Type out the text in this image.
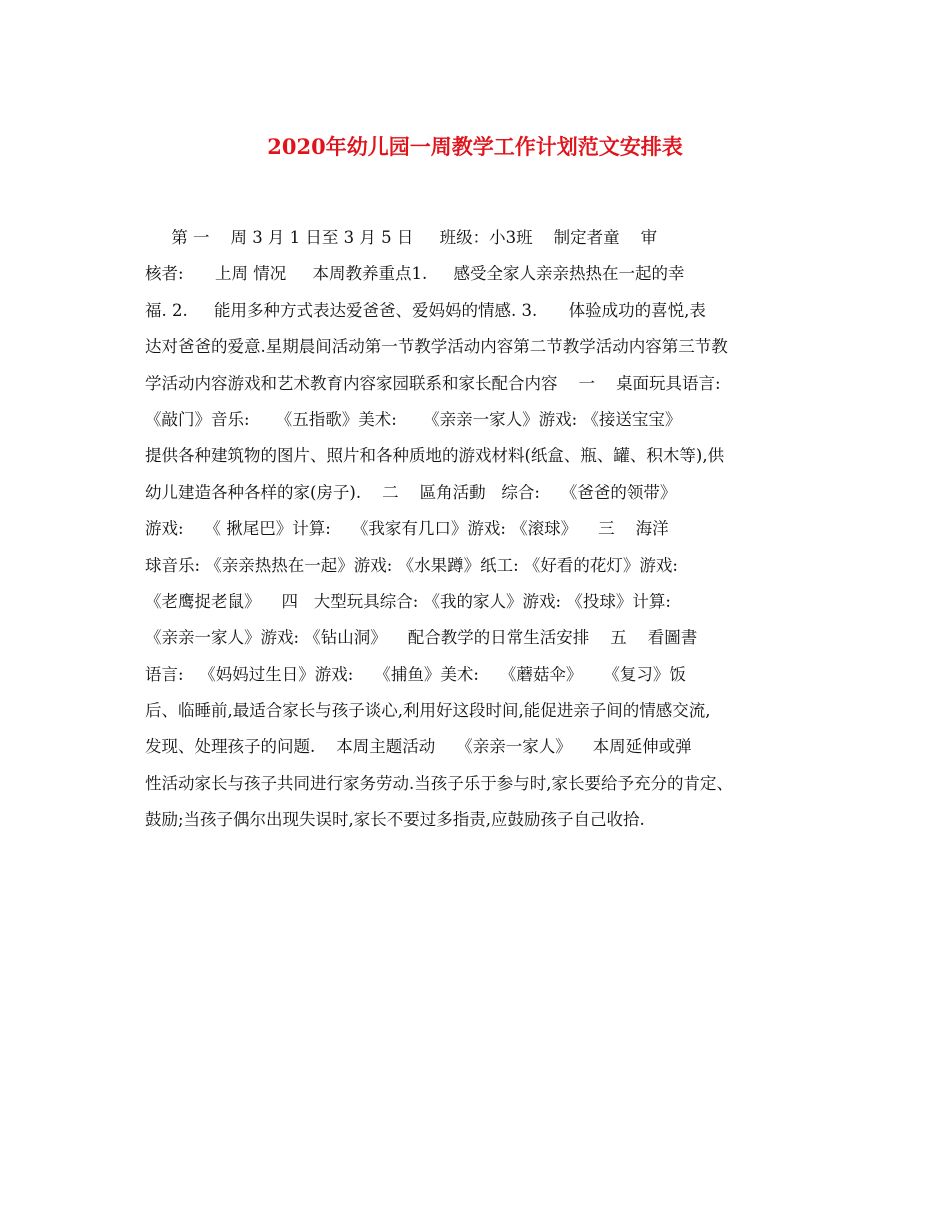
2020年幼儿园一周教学工作计划范文安排表
第 一    周 3 月 1 日至 3 月 5 日     班级：小3班    制定者童    审
核者:      上周 情况     本周教养重点1.     感受全家人亲亲热热在一起的幸
福. 2.     能用多种方式表达爱爸爸、爱妈妈的情感. 3.      体验成功的喜悦,表
达对爸爸的爱意.星期晨间活动第一节教学活动内容第二节教学活动内容第三节教
学活动内容游戏和艺术教育内容家园联系和家长配合内容    一    桌面玩具语言:
《敲门》音乐:     《五指歌》美术:     《亲亲一家人》游戏: 《接送宝宝》
提供各种建筑物的图片、照片和各种质地的游戏材料(纸盒、瓶、罐、积木等),供
幼儿建造各种各样的家(房子).    二    區角活動   综合:    《爸爸的领带》
游戏:    《 揪尾巴》计算:    《我家有几口》游戏: 《滚球》    三    海洋
球音乐: 《亲亲热热在一起》游戏: 《水果蹲》纸工: 《好看的花灯》游戏:
《老鹰捉老鼠》    四   大型玩具综合: 《我的家人》游戏: 《投球》计算:
《亲亲一家人》游戏: 《钻山洞》    配合教学的日常生活安排    五    看圖書
语言:   《妈妈过生日》游戏:    《捕鱼》美术:    《蘑菇伞》    《复习》饭
后、临睡前,最适合家长与孩子谈心,利用好这段时间,能促进亲子间的情感交流,
发现、处理孩子的问题.    本周主题活动    《亲亲一家人》    本周延伸或弹
性活动家长与孩子共同进行家务劳动.当孩子乐于参与时,家长要给予充分的肯定、
鼓励;当孩子偶尔出现失误时,家长不要过多指责,应鼓励孩子自己收拾.
